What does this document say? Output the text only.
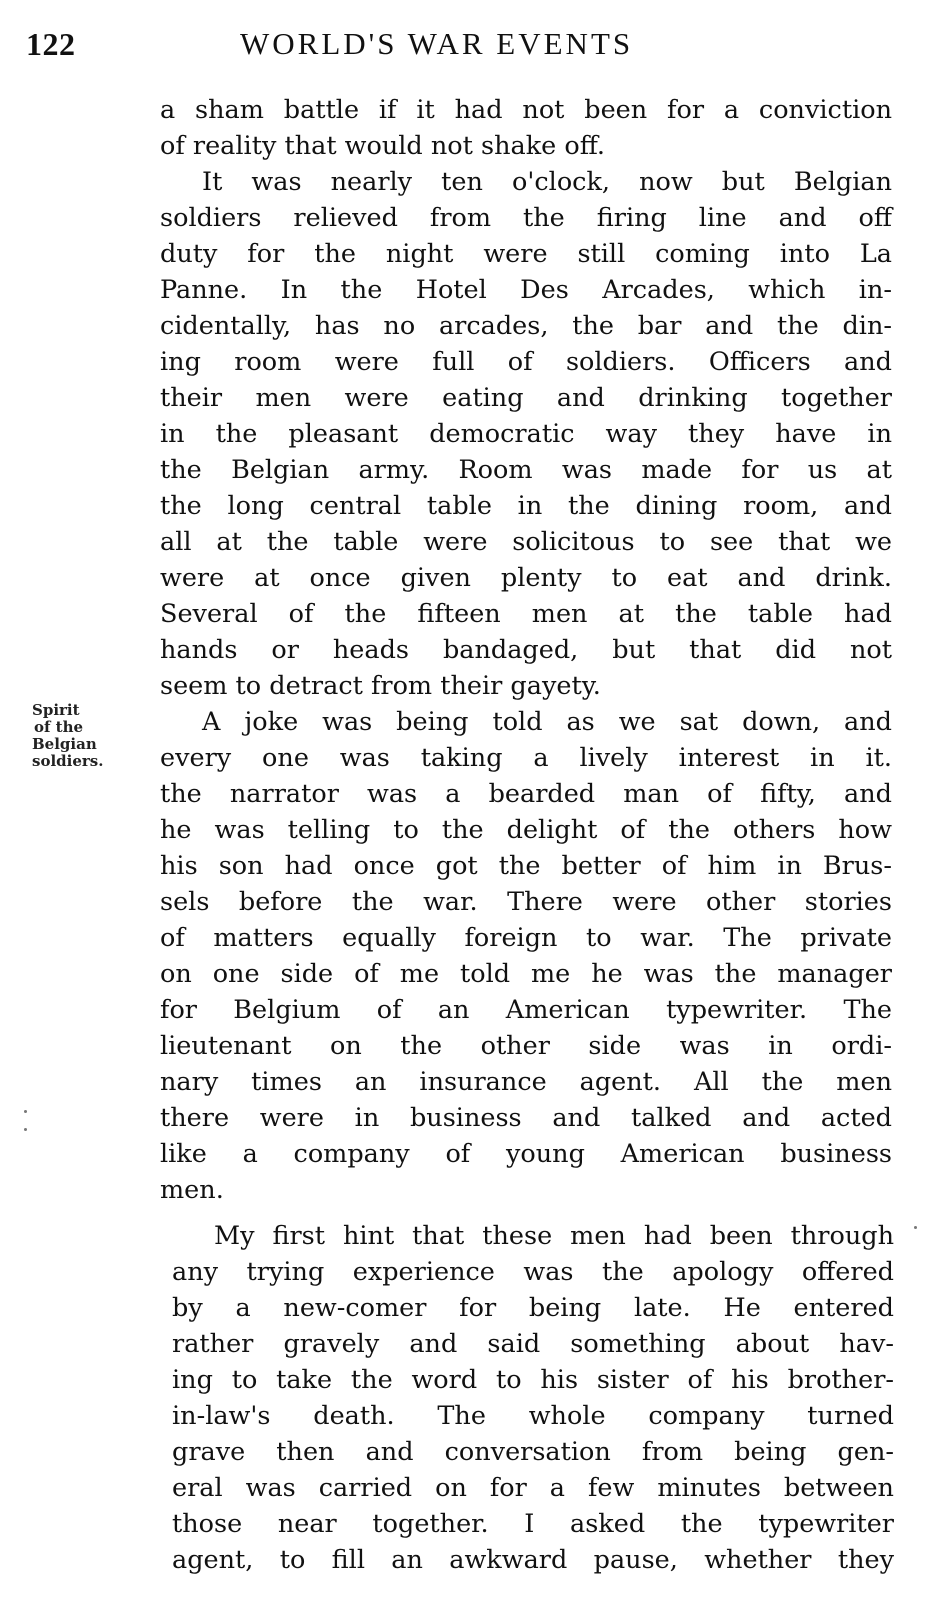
122	WORLD'S WAR EVENTS
Spirit
of the
Belgian
soldiers.
a sham battle if it had not been for a conviction
of reality that would not shake off.
It was nearly ten o'clock, now but Belgian
soldiers relieved from the firing line and off
duty for the night were still coming into La
Panne. In the Hotel Des Arcades, which in-
cidentally, has no arcades, the bar and the din-
ing room were full of soldiers. Officers and
their men were eating and drinking together
in the pleasant democratic way they have in
the Belgian army. Room was made for us at
the long central table in the dining room, and
all at the table were solicitous to see that we
were at once given plenty to eat and drink.
Several of the fifteen men at the table had
hands or heads bandaged, but that did not
seem to detract from their gayety.
A joke was being told as we sat down, and
every one was taking a lively interest in it.
the narrator was a bearded man of fifty, and
he was telling to the delight of the others how
his son had once got the better of him in Brus-
sels before the war. There were other stories
of matters equally foreign to war. The private
on one side of me told me he was the manager
for Belgium of an American typewriter. The
lieutenant on the other side was in ordi-
nary times an insurance agent. All the men
there were in business and talked and acted
like a company of young American business
men.
My first hint that these men had been through
any trying experience was the apology offered
by a new-comer for being late. He entered
rather gravely and said something about hav-
ing to take the word to his sister of his brother-
in-law's death. The whole company turned
grave then and conversation from being gen-
eral was carried on for a few minutes between
those near together. I asked the typewriter
agent, to fill an awkward pause, whether they
